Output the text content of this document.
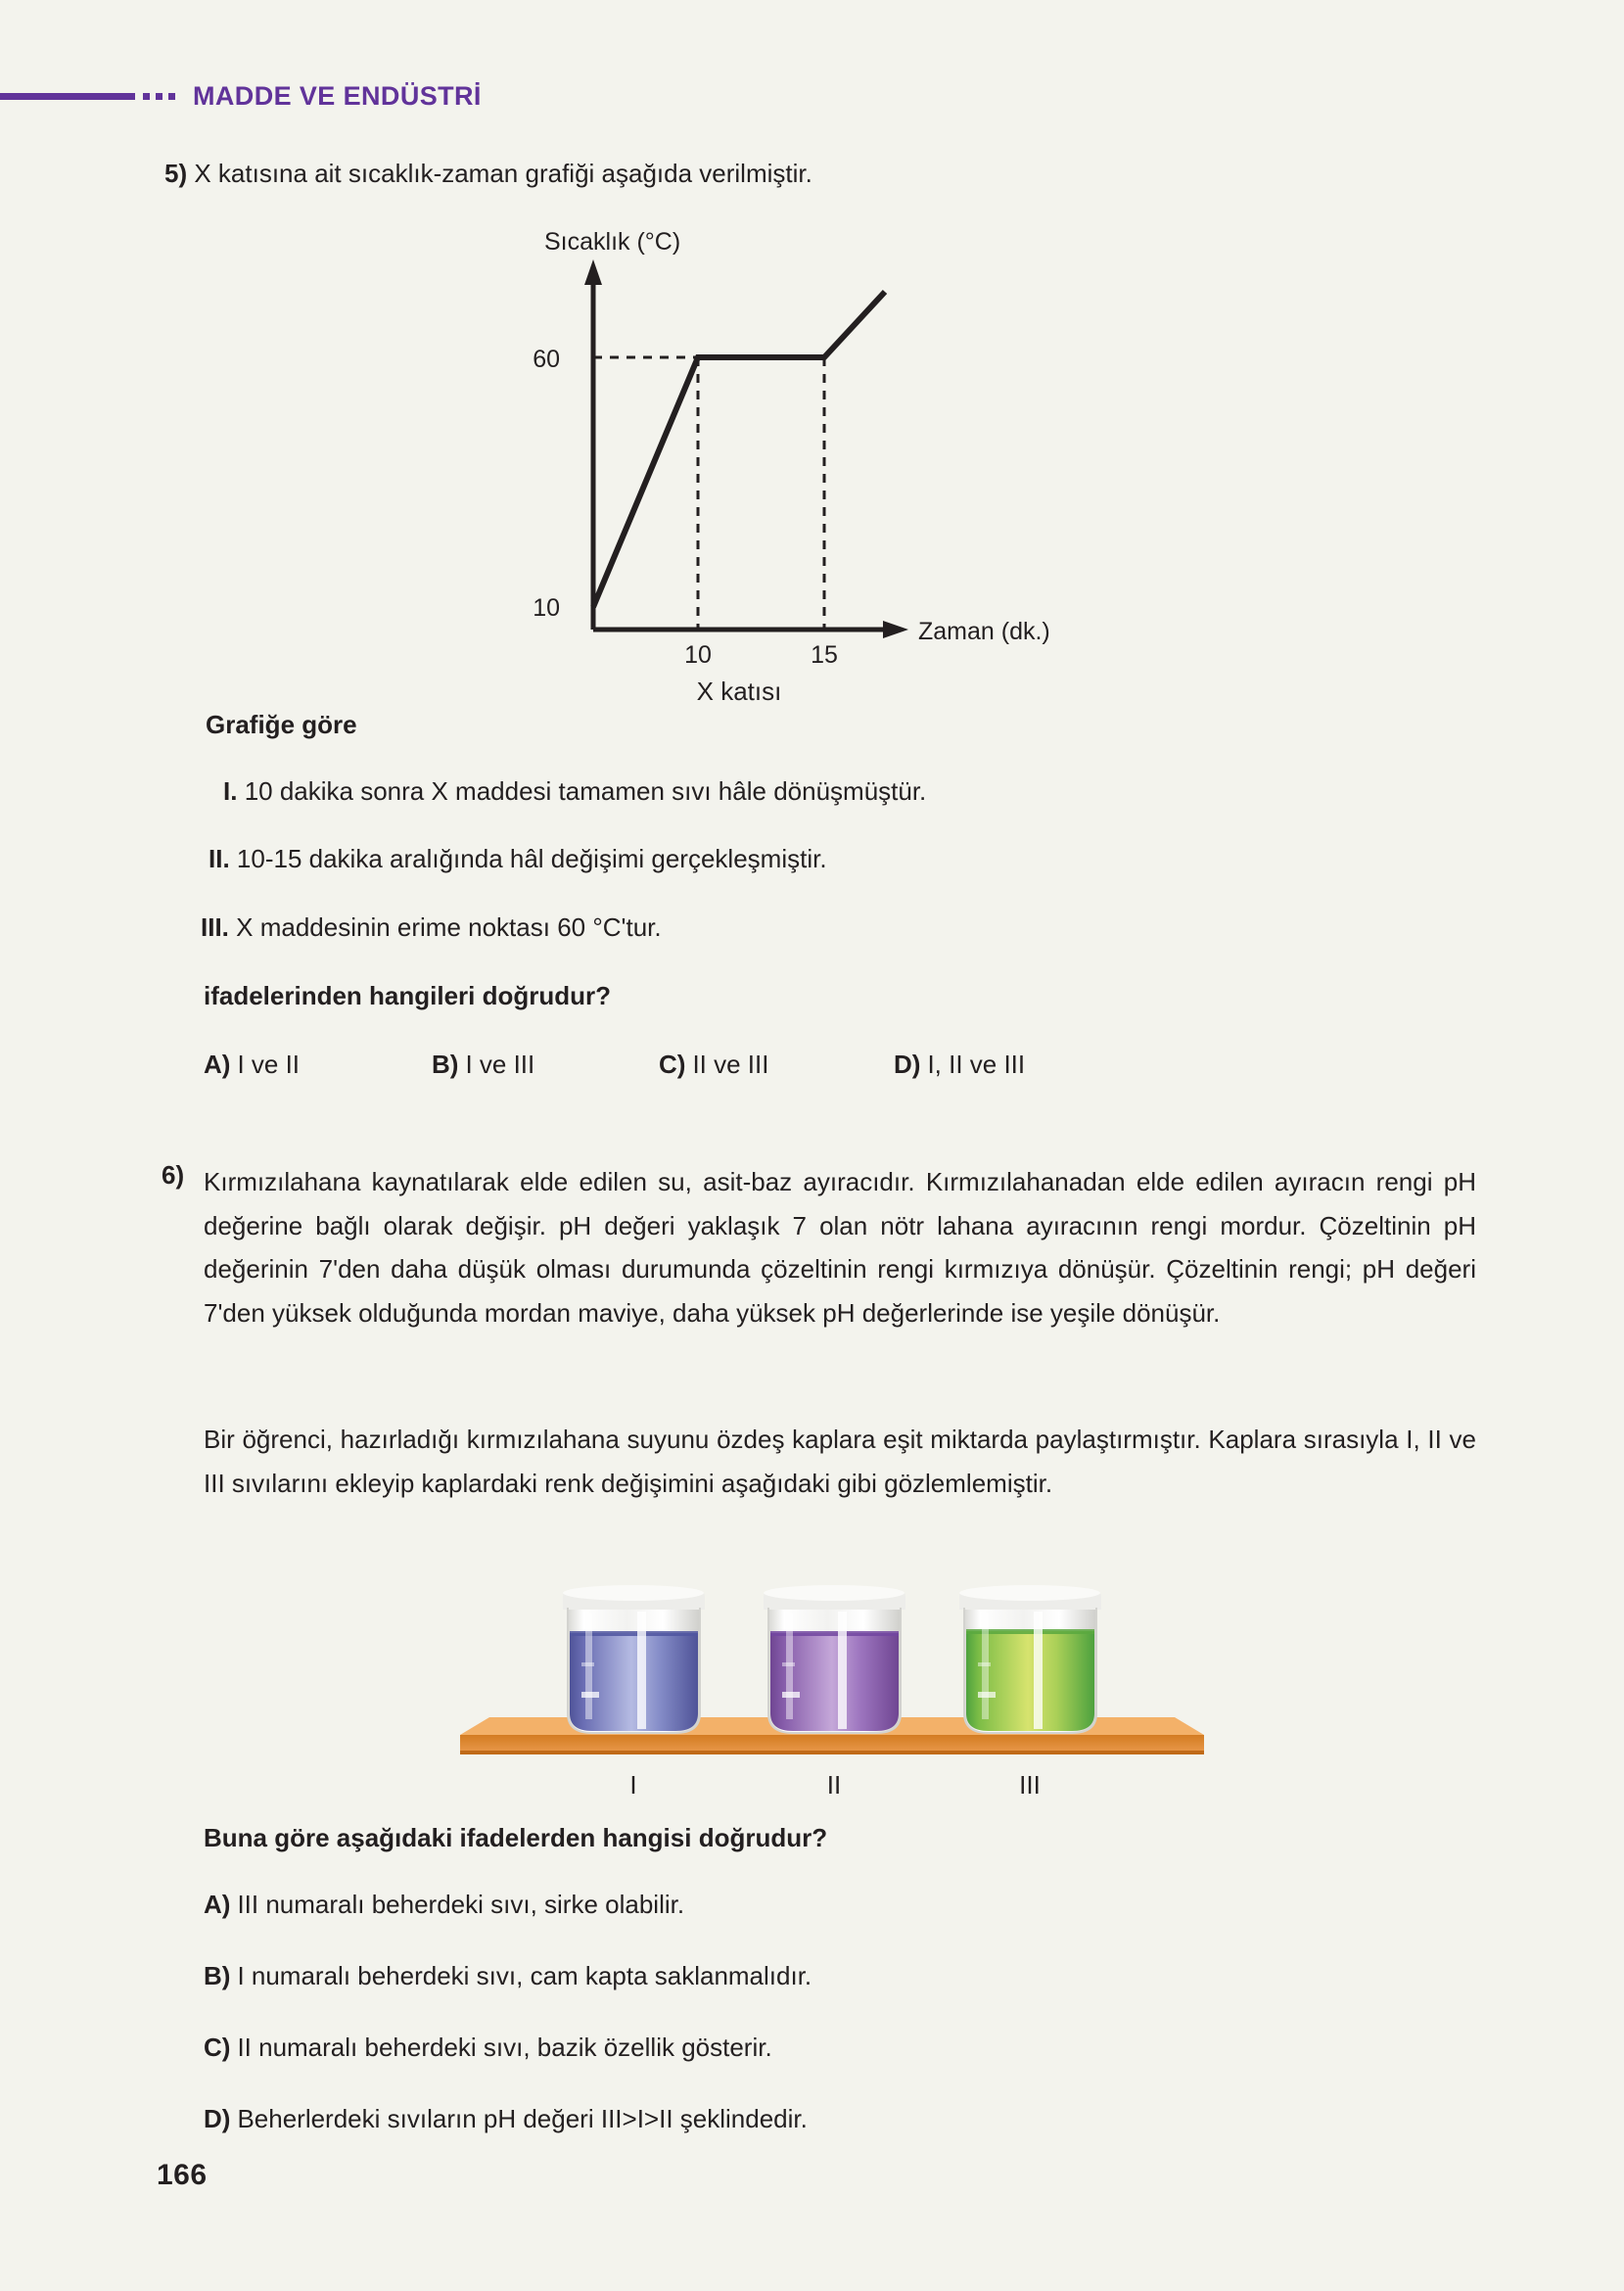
MADDE VE ENDÜSTRİ
5) X katısına ait sıcaklık-zaman grafiği aşağıda verilmiştir.
Sıcaklık (°C)
60
10
10	15
Zaman (dk.)
X katısı
Grafiğe göre
I. 10 dakika sonra X maddesi tamamen sıvı hâle dönüşmüştür.
II. 10-15 dakika aralığında hâl değişimi gerçekleşmiştir.
III. X maddesinin erime noktası 60 °C'tur.
ifadelerinden hangileri doğrudur?
A) I ve II	B) I ve III	C) II ve III	D) I, II ve III
6) Kırmızılahana kaynatılarak elde edilen su, asit-baz ayıracıdır. Kırmızılahanadan elde edilen ayıracın rengi pH değerine bağlı olarak değişir. pH değeri yaklaşık 7 olan nötr lahana ayıracının rengi mordur. Çözeltinin pH değerinin 7'den daha düşük olması durumunda çözeltinin rengi kırmızıya dönüşür. Çözeltinin rengi; pH değeri 7'den yüksek olduğunda mordan maviye, daha yüksek pH değerlerinde ise yeşile dönüşür.
Bir öğrenci, hazırladığı kırmızılahana suyunu özdeş kaplara eşit miktarda paylaştırmıştır. Kaplara sırasıyla I, II ve III sıvılarını ekleyip kaplardaki renk değişimini aşağıdaki gibi gözlemlemiştir.
I	II	III
Buna göre aşağıdaki ifadelerden hangisi doğrudur?
A) III numaralı beherdeki sıvı, sirke olabilir.
B) I numaralı beherdeki sıvı, cam kapta saklanmalıdır.
C) II numaralı beherdeki sıvı, bazik özellik gösterir.
D) Beherlerdeki sıvıların pH değeri III>I>II şeklindedir.
166
